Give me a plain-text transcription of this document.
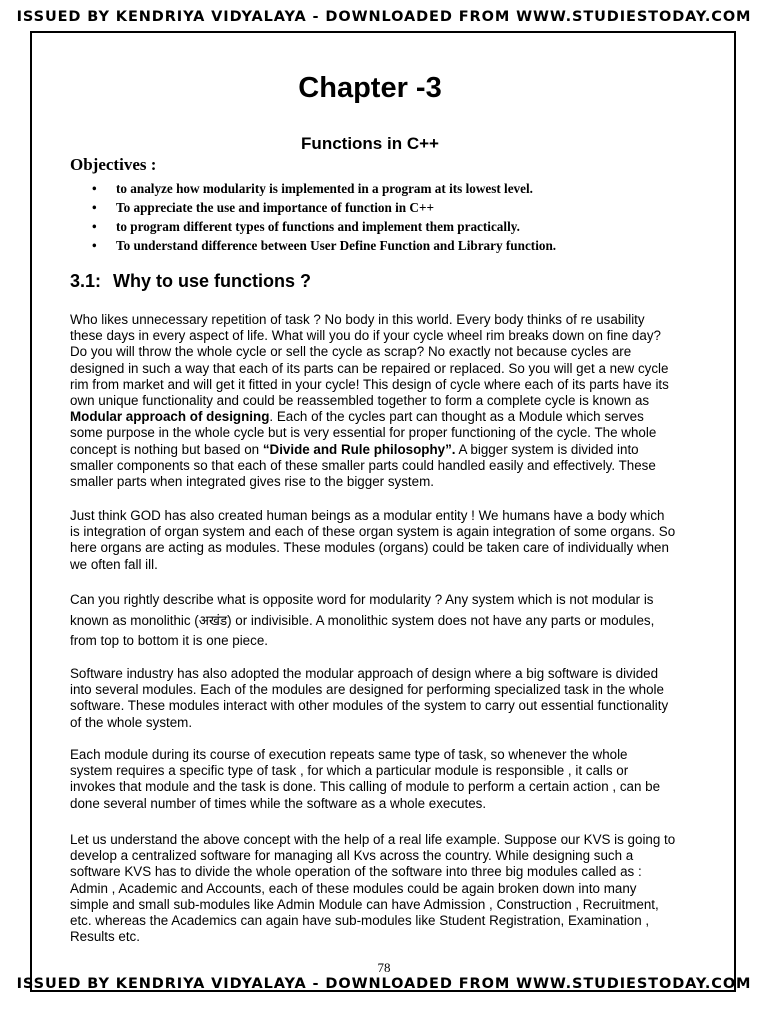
ISSUED BY KENDRIYA VIDYALAYA - DOWNLOADED FROM WWW.STUDIESTODAY.COM
Chapter -3
Functions in C++
Objectives :
• to analyze how modularity is implemented in a program at its lowest level.
• To appreciate the use and importance of function in C++
• to program different types of functions and implement them practically.
• To understand difference between User Define Function and Library function.
3.1: Why to use functions ?

Who likes unnecessary repetition of task ? No body in this world. Every body thinks of re usability
these days in every aspect of life. What will you do if your cycle wheel rim breaks down on fine day?
Do you will throw the whole cycle or sell the cycle as scrap? No exactly not because cycles are
designed in such a way that each of its parts can be repaired or replaced. So you will get a new cycle
rim from market and will get it fitted in your cycle! This design of cycle where each of its parts have its
own unique functionality and could be reassembled together to form a complete cycle is known as
Modular approach of designing. Each of the cycles part can thought as a Module which serves
some purpose in the whole cycle but is very essential for proper functioning of the cycle. The whole
concept is nothing but based on “Divide and Rule philosophy”. A bigger system is divided into
smaller components so that each of these smaller parts could handled easily and effectively. These
smaller parts when integrated gives rise to the bigger system.

Just think GOD has also created human beings as a modular entity ! We humans have a body which
is integration of organ system and each of these organ system is again integration of some organs. So
here organs are acting as modules. These modules (organs) could be taken care of individually when
we often fall ill.

Can you rightly describe what is opposite word for modularity ? Any system which is not modular is
known as monolithic (अखंड) or indivisible. A monolithic system does not have any parts or modules,
from top to bottom it is one piece.

Software industry has also adopted the modular approach of design where a big software is divided
into several modules. Each of the modules are designed for performing specialized task in the whole
software. These modules interact with other modules of the system to carry out essential functionality
of the whole system.

Each module during its course of execution repeats same type of task, so whenever the whole
system requires a specific type of task , for which a particular module is responsible , it calls or
invokes that module and the task is done. This calling of module to perform a certain action , can be
done several number of times while the software as a whole executes.

Let us understand the above concept with the help of a real life example. Suppose our KVS is going to
develop a centralized software for managing all Kvs across the country. While designing such a
software KVS has to divide the whole operation of the software into three big modules called as :
Admin , Academic and Accounts, each of these modules could be again broken down into many
simple and small sub-modules like Admin Module can have Admission , Construction , Recruitment,
etc. whereas the Academics can again have sub-modules like Student Registration, Examination ,
Results etc.

78
ISSUED BY KENDRIYA VIDYALAYA - DOWNLOADED FROM WWW.STUDIESTODAY.COM
